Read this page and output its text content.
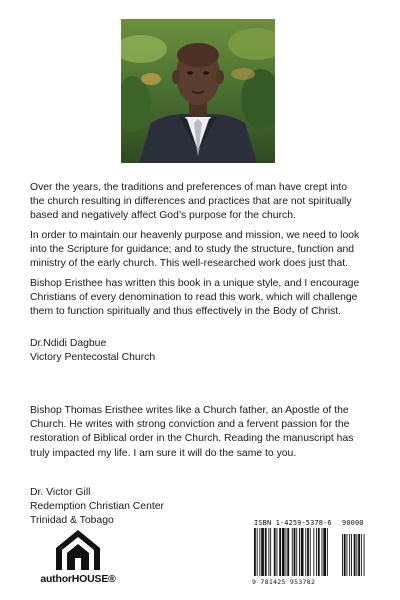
Over the years, the traditions and preferences of man have crept into
the church resulting in differences and practices that are not spiritually
based and negatively affect God’s purpose for the church.

In order to maintain our heavenly purpose and mission, we need to look
into the Scripture for guidance; and to study the structure, function and
ministry of the early church. This well-researched work does just that.

Bishop Eristhee has written this book in a unique style, and I encourage
Christians of every denomination to read this work, which will challenge
them to function spiritually and thus effectively in the Body of Christ.

Dr.Ndidi Dagbue
Victory Pentecostal Church

Bishop Thomas Eristhee writes like a Church father, an Apostle of the
Church. He writes with strong conviction and a fervent passion for the
restoration of Biblical order in the Church. Reading the manuscript has
truly impacted my life. I am sure it will do the same to you.

Dr. Victor Gill
Redemption Christian Center
Trinidad & Tobago

authorHOUSE®
ISBN 1-4259-5378-6 90000
9 781425 953782
